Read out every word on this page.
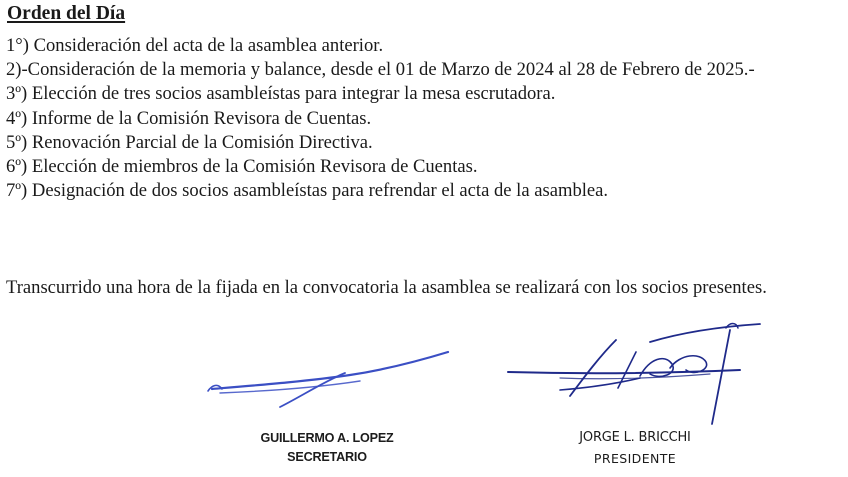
Orden del Día

1°) Consideración del acta de la asamblea anterior.

2)-Consideración de la memoria y balance, desde el 01 de Marzo de 2024 al 28 de Febrero de 2025.-

3º) Elección de tres socios asambleístas para integrar la mesa escrutadora.

4º) Informe de la Comisión Revisora de Cuentas.

5º) Renovación Parcial de la Comisión Directiva.

6º) Elección de miembros de la Comisión Revisora de Cuentas.

7º) Designación de dos socios asambleístas para refrendar el acta de la asamblea.

Transcurrido una hora de la fijada en la convocatoria la asamblea se realizará con los socios presentes.

GUILLERMO A. LOPEZ
SECRETARIO
JORGE L. BRICCHI
PRESIDENTE
